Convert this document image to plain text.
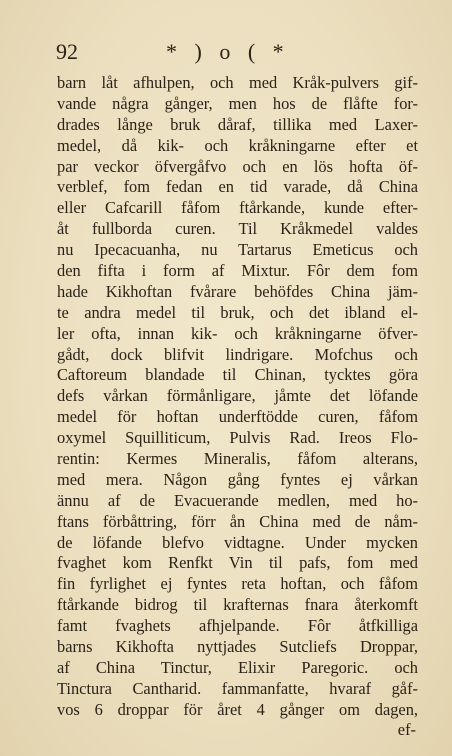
92	* ) o ( *
barn låt afhulpen, och med Kråk-pulvers gif-
vande några gånger, men hos de flåfte for-
drades långe bruk dåraf, tillika med Laxer-
medel, då kik- och kråkningarne efter et
par veckor öfvergåfvo och en lös hofta öf-
verblef, fom fedan en tid varade, då China
eller Cafcarill fåfom ftårkande, kunde efter-
åt fullborda curen. Til Kråkmedel valdes
nu Ipecacuanha, nu Tartarus Emeticus och
den fifta i form af Mixtur. Fôr dem fom
hade Kikhoftan fvårare behöfdes China jäm-
te andra medel til bruk, och det ibland el-
ler ofta, innan kik- och kråkningarne öfver-
gådt, dock blifvit lindrigare. Mofchus och
Caftoreum blandade til Chinan, tycktes göra
defs vårkan förmånligare, jåmte det löfande
medel för hoftan underftödde curen, fåfom
oxymel Squilliticum, Pulvis Rad. Ireos Flo-
rentin: Kermes Mineralis, fåfom alterans,
med mera. Någon gång fyntes ej vårkan
ännu af de Evacuerande medlen, med ho-
ftans förbåttring, förr ån China med de nåm-
de löfande blefvo vidtagne. Under mycken
fvaghet kom Renfkt Vin til pafs, fom med
fin fyrlighet ej fyntes reta hoftan, och fåfom
ftårkande bidrog til krafternas fnara återkomft
famt fvaghets afhjelpande. Fôr åtfkilliga
barns Kikhofta nyttjades Sutcliefs Droppar,
af China Tinctur, Elixir Paregoric. och
Tinctura Cantharid. fammanfatte, hvaraf gåf-
vos 6 droppar för året 4 gånger om dagen,
ef-
